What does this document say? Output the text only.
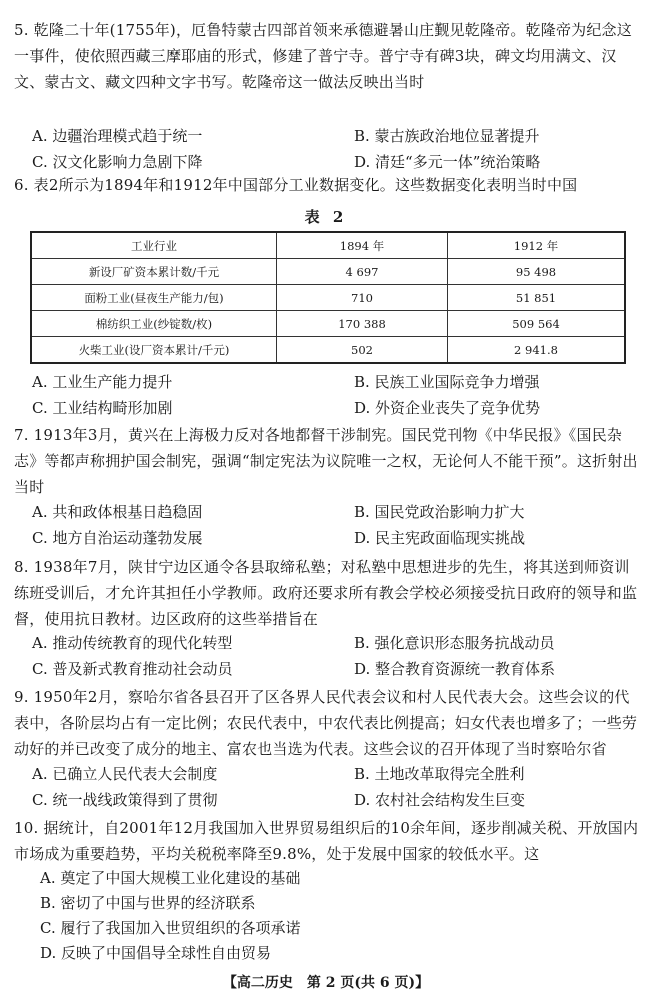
5. 乾隆二十年(1755年)，厄鲁特蒙古四部首领来承德避暑山庄觐见乾隆帝。乾隆帝为纪念这一事件，使依照西藏三摩耶庙的形式，修建了普宁寺。普宁寺有碑3块，碑文均用满文、汉文、蒙古文、藏文四种文字书写。乾隆帝这一做法反映出当时
A. 边疆治理模式趋于统一	B. 蒙古族政治地位显著提升
C. 汉文化影响力急剧下降	D. 清廷“多元一体”统治策略
6. 表2所示为1894年和1912年中国部分工业数据变化。这些数据变化表明当时中国
表 2
工业行业	1894 年	1912 年
新设厂矿资本累计数/千元	4 697	95 498
面粉工业(昼夜生产能力/包)	710	51 851
棉纺织工业(纱锭数/枚)	170 388	509 564
火柴工业(设厂资本累计/千元)	502	2 941.8
A. 工业生产能力提升	B. 民族工业国际竞争力增强
C. 工业结构畸形加剧	D. 外资企业丧失了竞争优势
7. 1913年3月，黄兴在上海极力反对各地都督干涉制宪。国民党刊物《中华民报》《国民杂志》等都声称拥护国会制宪，强调“制定宪法为议院唯一之权，无论何人不能干预”。这折射出当时
A. 共和政体根基日趋稳固	B. 国民党政治影响力扩大
C. 地方自治运动蓬勃发展	D. 民主宪政面临现实挑战
8. 1938年7月，陕甘宁边区通令各县取缔私塾；对私塾中思想进步的先生，将其送到师资训练班受训后，才允许其担任小学教师。政府还要求所有教会学校必须接受抗日政府的领导和监督，使用抗日教材。边区政府的这些举措旨在
A. 推动传统教育的现代化转型	B. 强化意识形态服务抗战动员
C. 普及新式教育推动社会动员	D. 整合教育资源统一教育体系
9. 1950年2月，察哈尔省各县召开了区各界人民代表会议和村人民代表大会。这些会议的代表中，各阶层均占有一定比例；农民代表中，中农代表比例提高；妇女代表也增多了；一些劳动好的并已改变了成分的地主、富农也当选为代表。这些会议的召开体现了当时察哈尔省
A. 已确立人民代表大会制度	B. 土地改革取得完全胜利
C. 统一战线政策得到了贯彻	D. 农村社会结构发生巨变
10. 据统计，自2001年12月我国加入世界贸易组织后的10余年间，逐步削减关税、开放国内市场成为重要趋势，平均关税税率降至9.8%，处于发展中国家的较低水平。这
A. 奠定了中国大规模工业化建设的基础
B. 密切了中国与世界的经济联系
C. 履行了我国加入世贸组织的各项承诺
D. 反映了中国倡导全球性自由贸易
【高二历史　第 2 页(共 6 页)】
